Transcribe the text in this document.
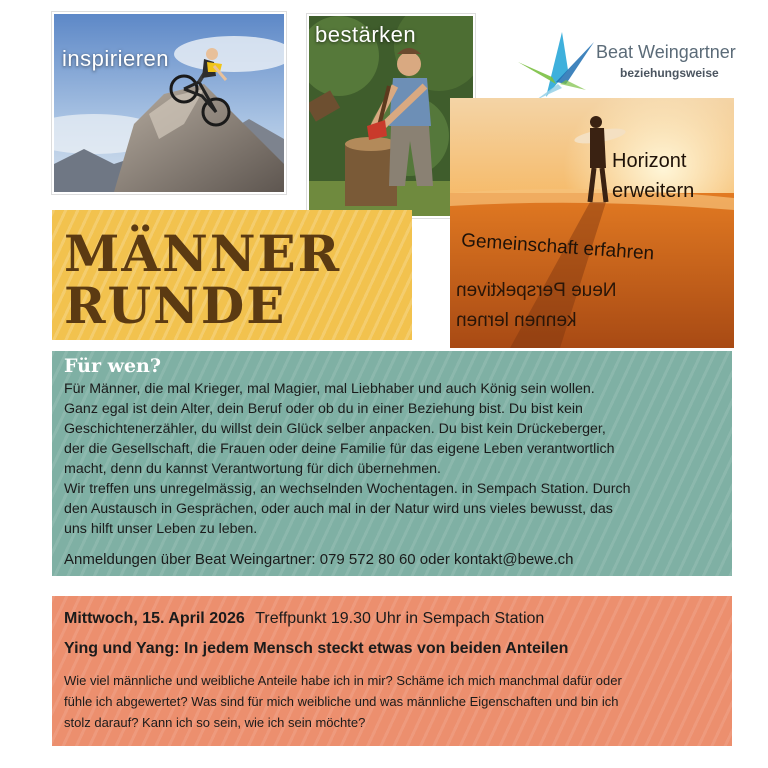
inspirieren
bestärken
Beat Weingartner
beziehungsweise
Horizont
erweitern
Gemeinschaft erfahren
Neue Perspektiven
kennen lernen
MÄNNER
RUNDE
Für wen?

Für Männer, die mal Krieger, mal Magier, mal Liebhaber und auch König sein wollen.
Ganz egal ist dein Alter, dein Beruf oder ob du in einer Beziehung bist. Du bist kein
Geschichtenerzähler, du willst dein Glück selber anpacken. Du bist kein Drückeberger,
der die Gesellschaft, die Frauen oder deine Familie für das eigene Leben verantwortlich
macht, denn du kannst Verantwortung für dich übernehmen.
Wir treffen uns unregelmässig, an wechselnden Wochentagen. in Sempach Station. Durch
den Austausch in Gesprächen, oder auch mal in der Natur wird uns vieles bewusst, das
uns hilft unser Leben zu leben.

Anmeldungen über Beat Weingartner: 079 572 80 60 oder kontakt@bewe.ch
Mittwoch, 15. April 2026 Treffpunkt 19.30 Uhr in Sempach Station
Ying und Yang: In jedem Mensch steckt etwas von beiden Anteilen

Wie viel männliche und weibliche Anteile habe ich in mir? Schäme ich mich manchmal dafür oder
fühle ich abgewertet? Was sind für mich weibliche und was männliche Eigenschaften und bin ich
stolz darauf? Kann ich so sein, wie ich sein möchte?
